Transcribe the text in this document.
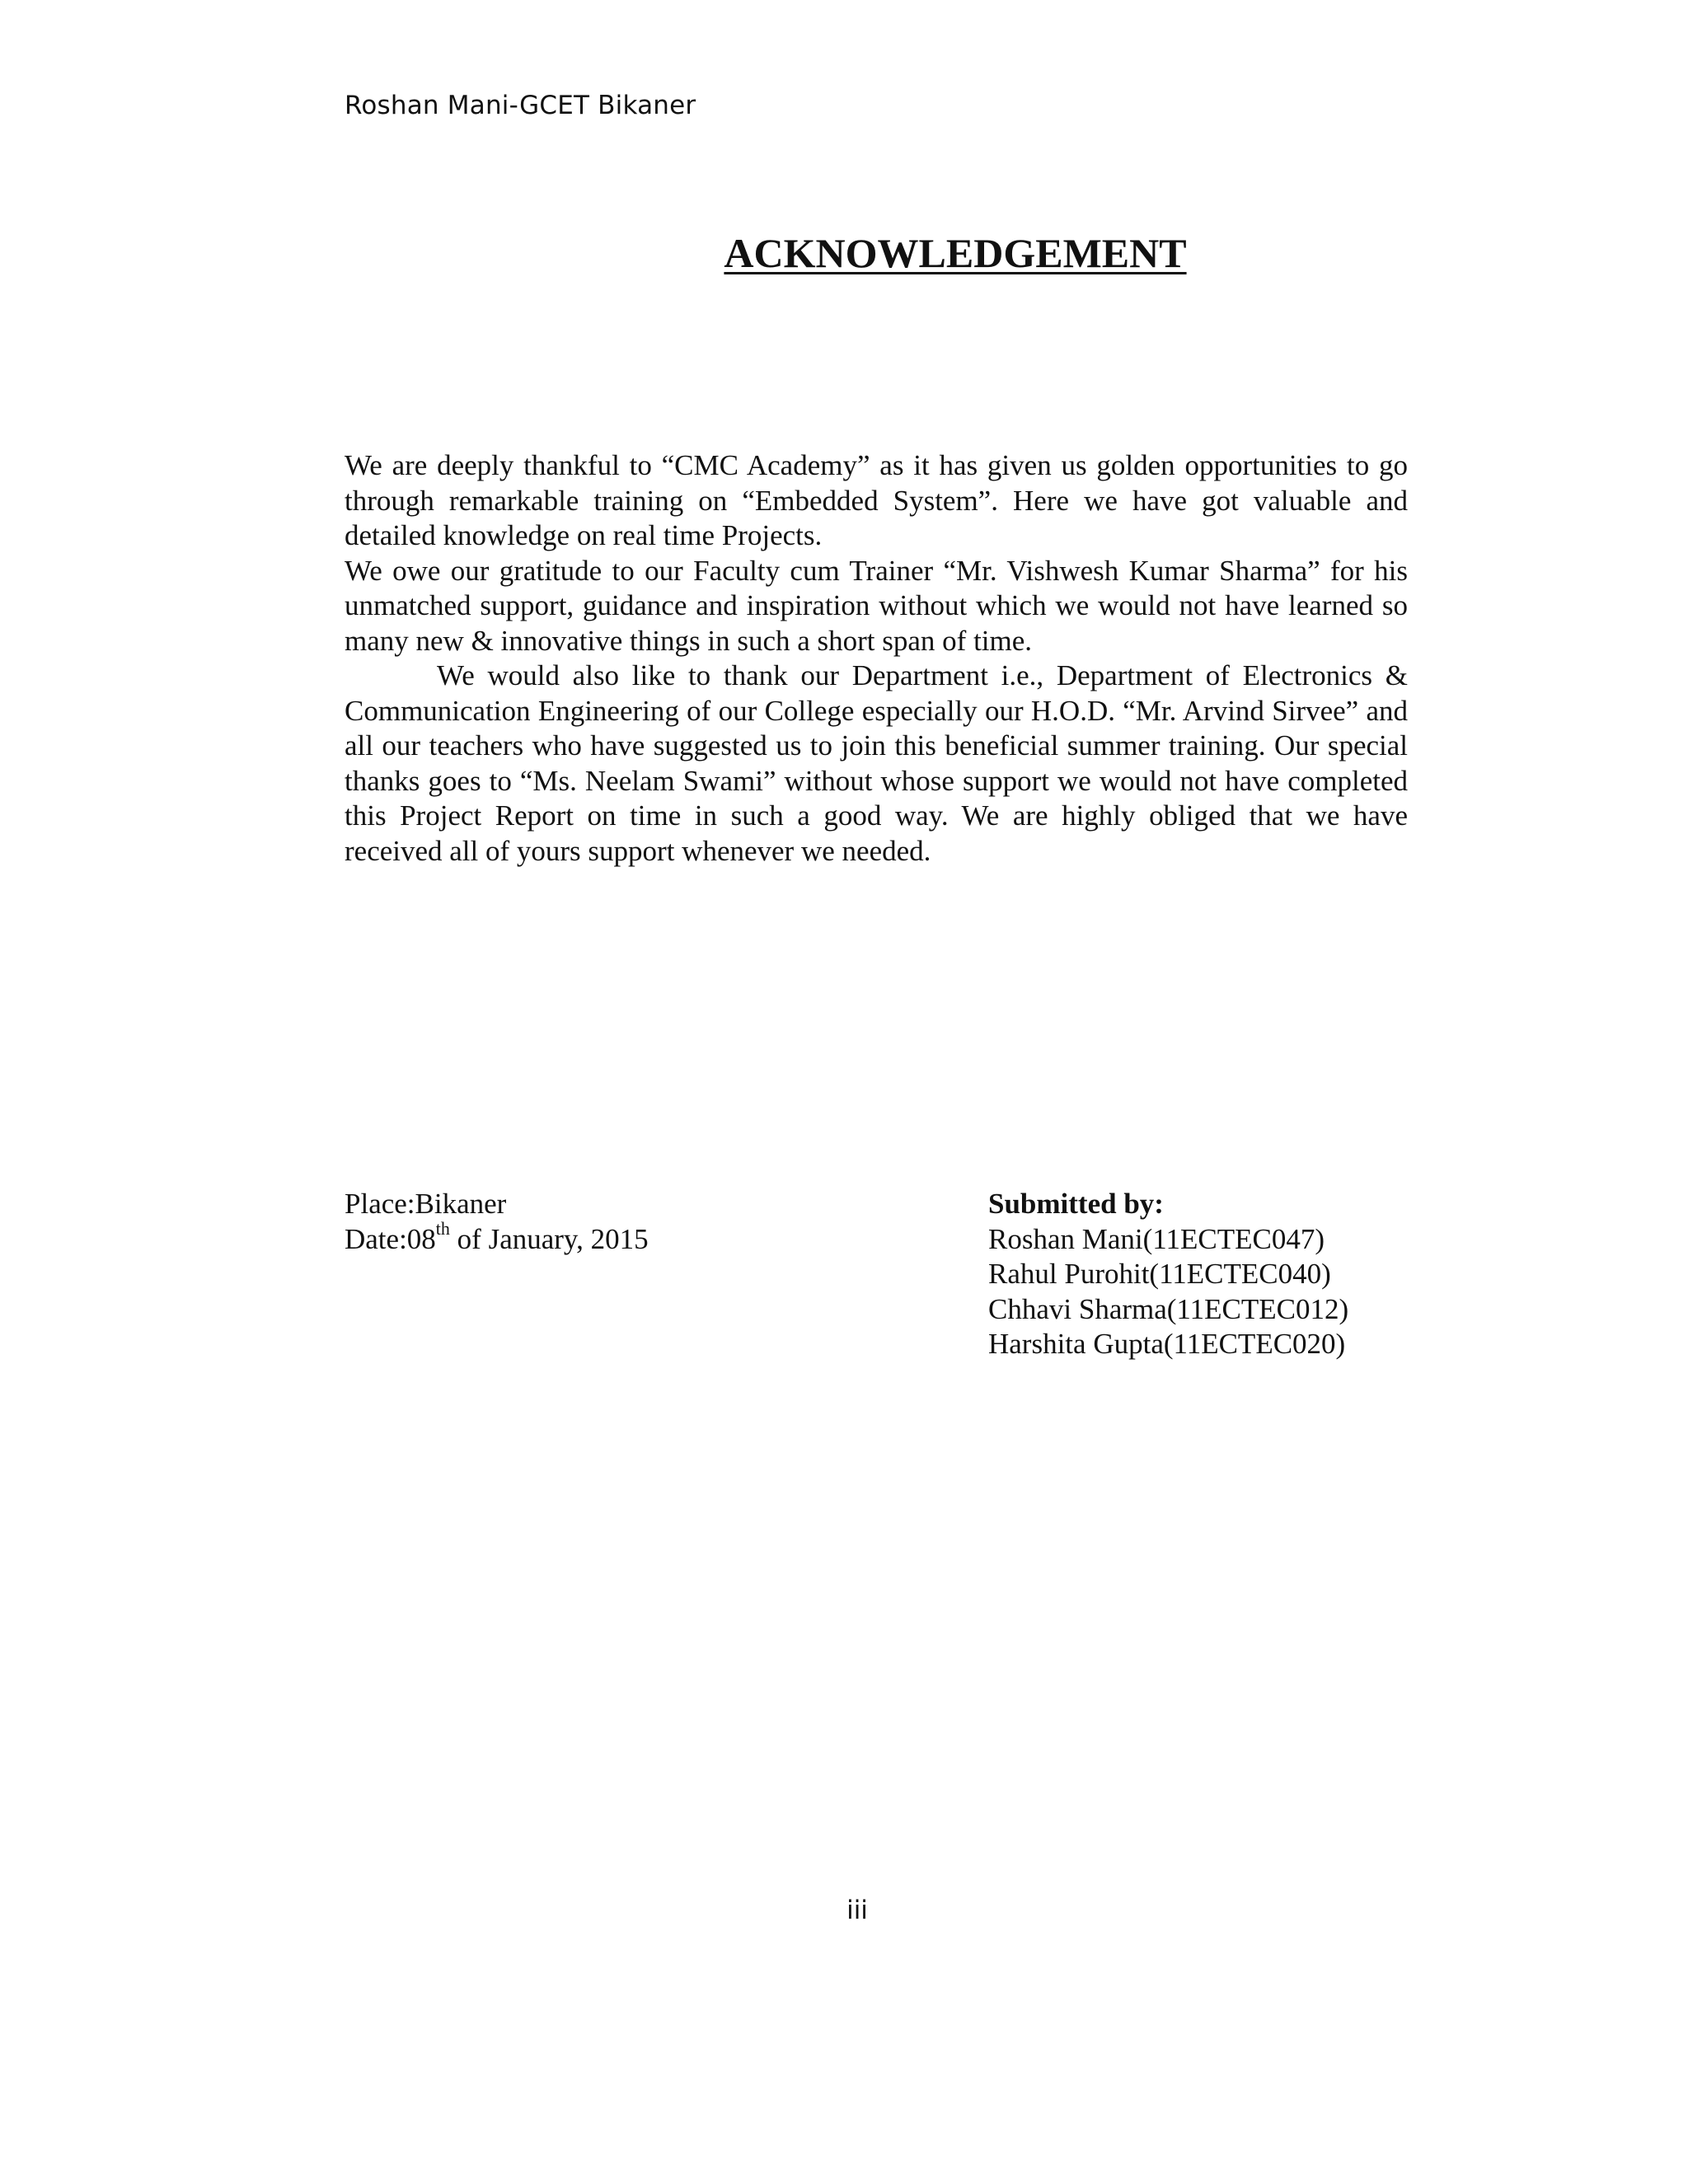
Roshan Mani-GCET Bikaner
ACKNOWLEDGEMENT

We are deeply thankful to “CMC Academy” as it has given us golden opportunities to go through remarkable training on “Embedded System”. Here we have got valuable and detailed knowledge on real time Projects.

We owe our gratitude to our Faculty cum Trainer “Mr. Vishwesh Kumar Sharma” for his unmatched support, guidance and inspiration without which we would not have learned so many new & innovative things in such a short span of time.

We would also like to thank our Department i.e., Department of Electronics & Communication Engineering of our College especially our H.O.D. “Mr. Arvind Sirvee” and all our teachers who have suggested us to join this beneficial summer training. Our special thanks goes to “Ms. Neelam Swami” without whose support we would not have completed this Project Report on time in such a good way. We are highly obliged that we have received all of yours support whenever we needed.

Place:Bikaner
Date:08th of January, 2015
Submitted by:
Roshan Mani(11ECTEC047)
Rahul Purohit(11ECTEC040)
Chhavi Sharma(11ECTEC012)
Harshita Gupta(11ECTEC020)
iii
